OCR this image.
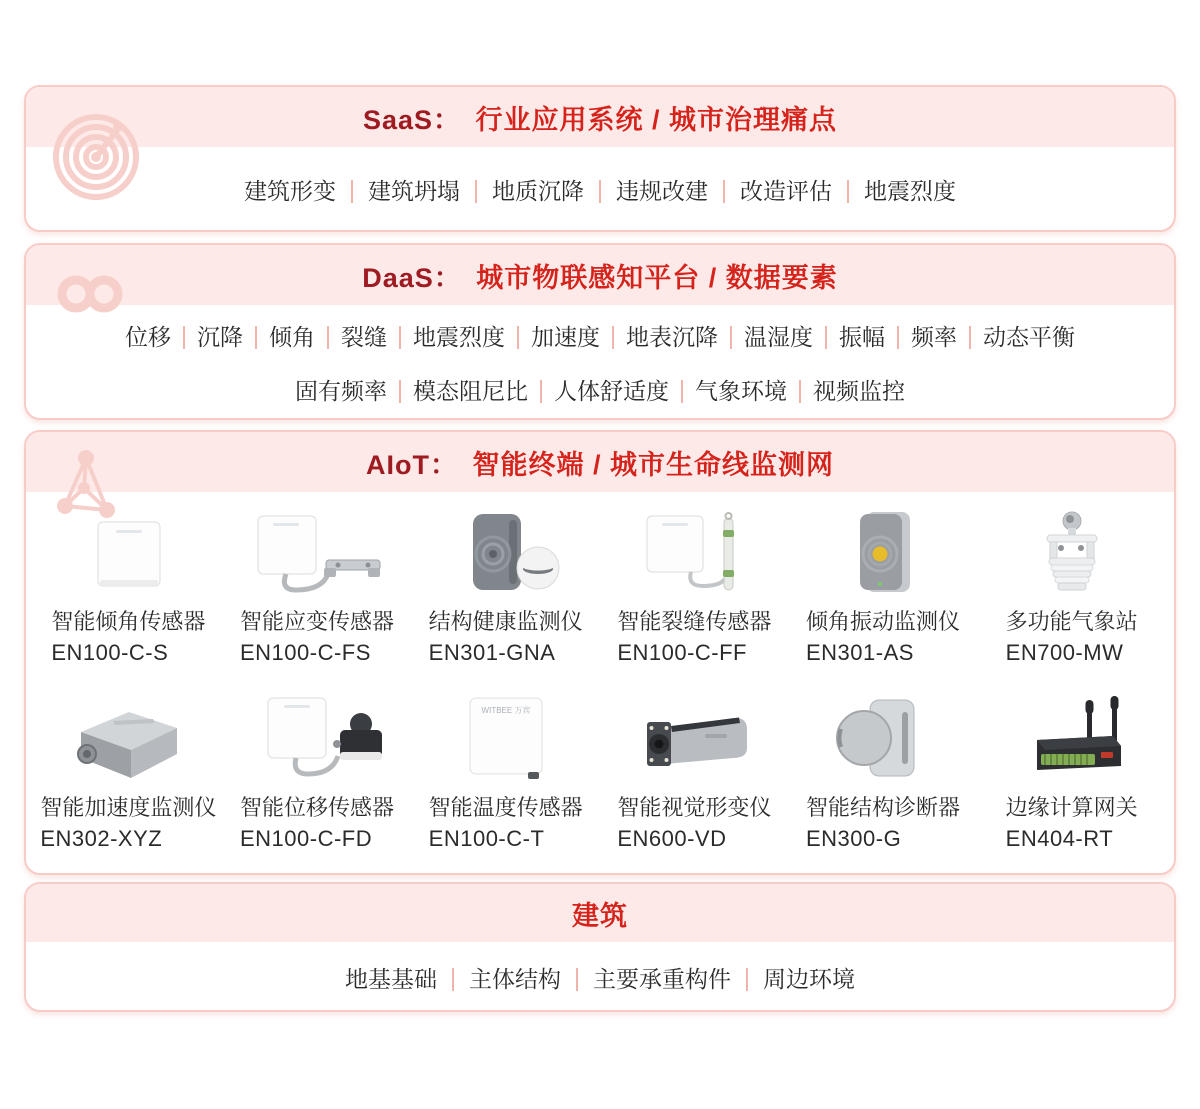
SaaS： 行业应用系统 / 城市治理痛点
建筑形变	建筑坍塌	地质沉降	违规改建	改造评估	地震烈度
DaaS： 城市物联感知平台 / 数据要素
位移	沉降	倾角	裂缝	地震烈度	加速度	地表沉降	温湿度	振幅	频率	动态平衡
固有频率	模态阻尼比	人体舒适度	气象环境	视频监控
AIoT： 智能终端 / 城市生命线监测网
智能倾角传感器
EN100-C-S
智能应变传感器
EN100-C-FS
结构健康监测仪
EN301-GNA
智能裂缝传感器
EN100-C-FF
倾角振动监测仪
EN301-AS
多功能气象站
EN700-MW
智能加速度监测仪
EN302-XYZ
智能位移传感器
EN100-C-FD
WITBEE 万宾
智能温度传感器
EN100-C-T
智能视觉形变仪
EN600-VD
智能结构诊断器
EN300-G
边缘计算网关
EN404-RT
建筑
地基基础	主体结构	主要承重构件	周边环境
